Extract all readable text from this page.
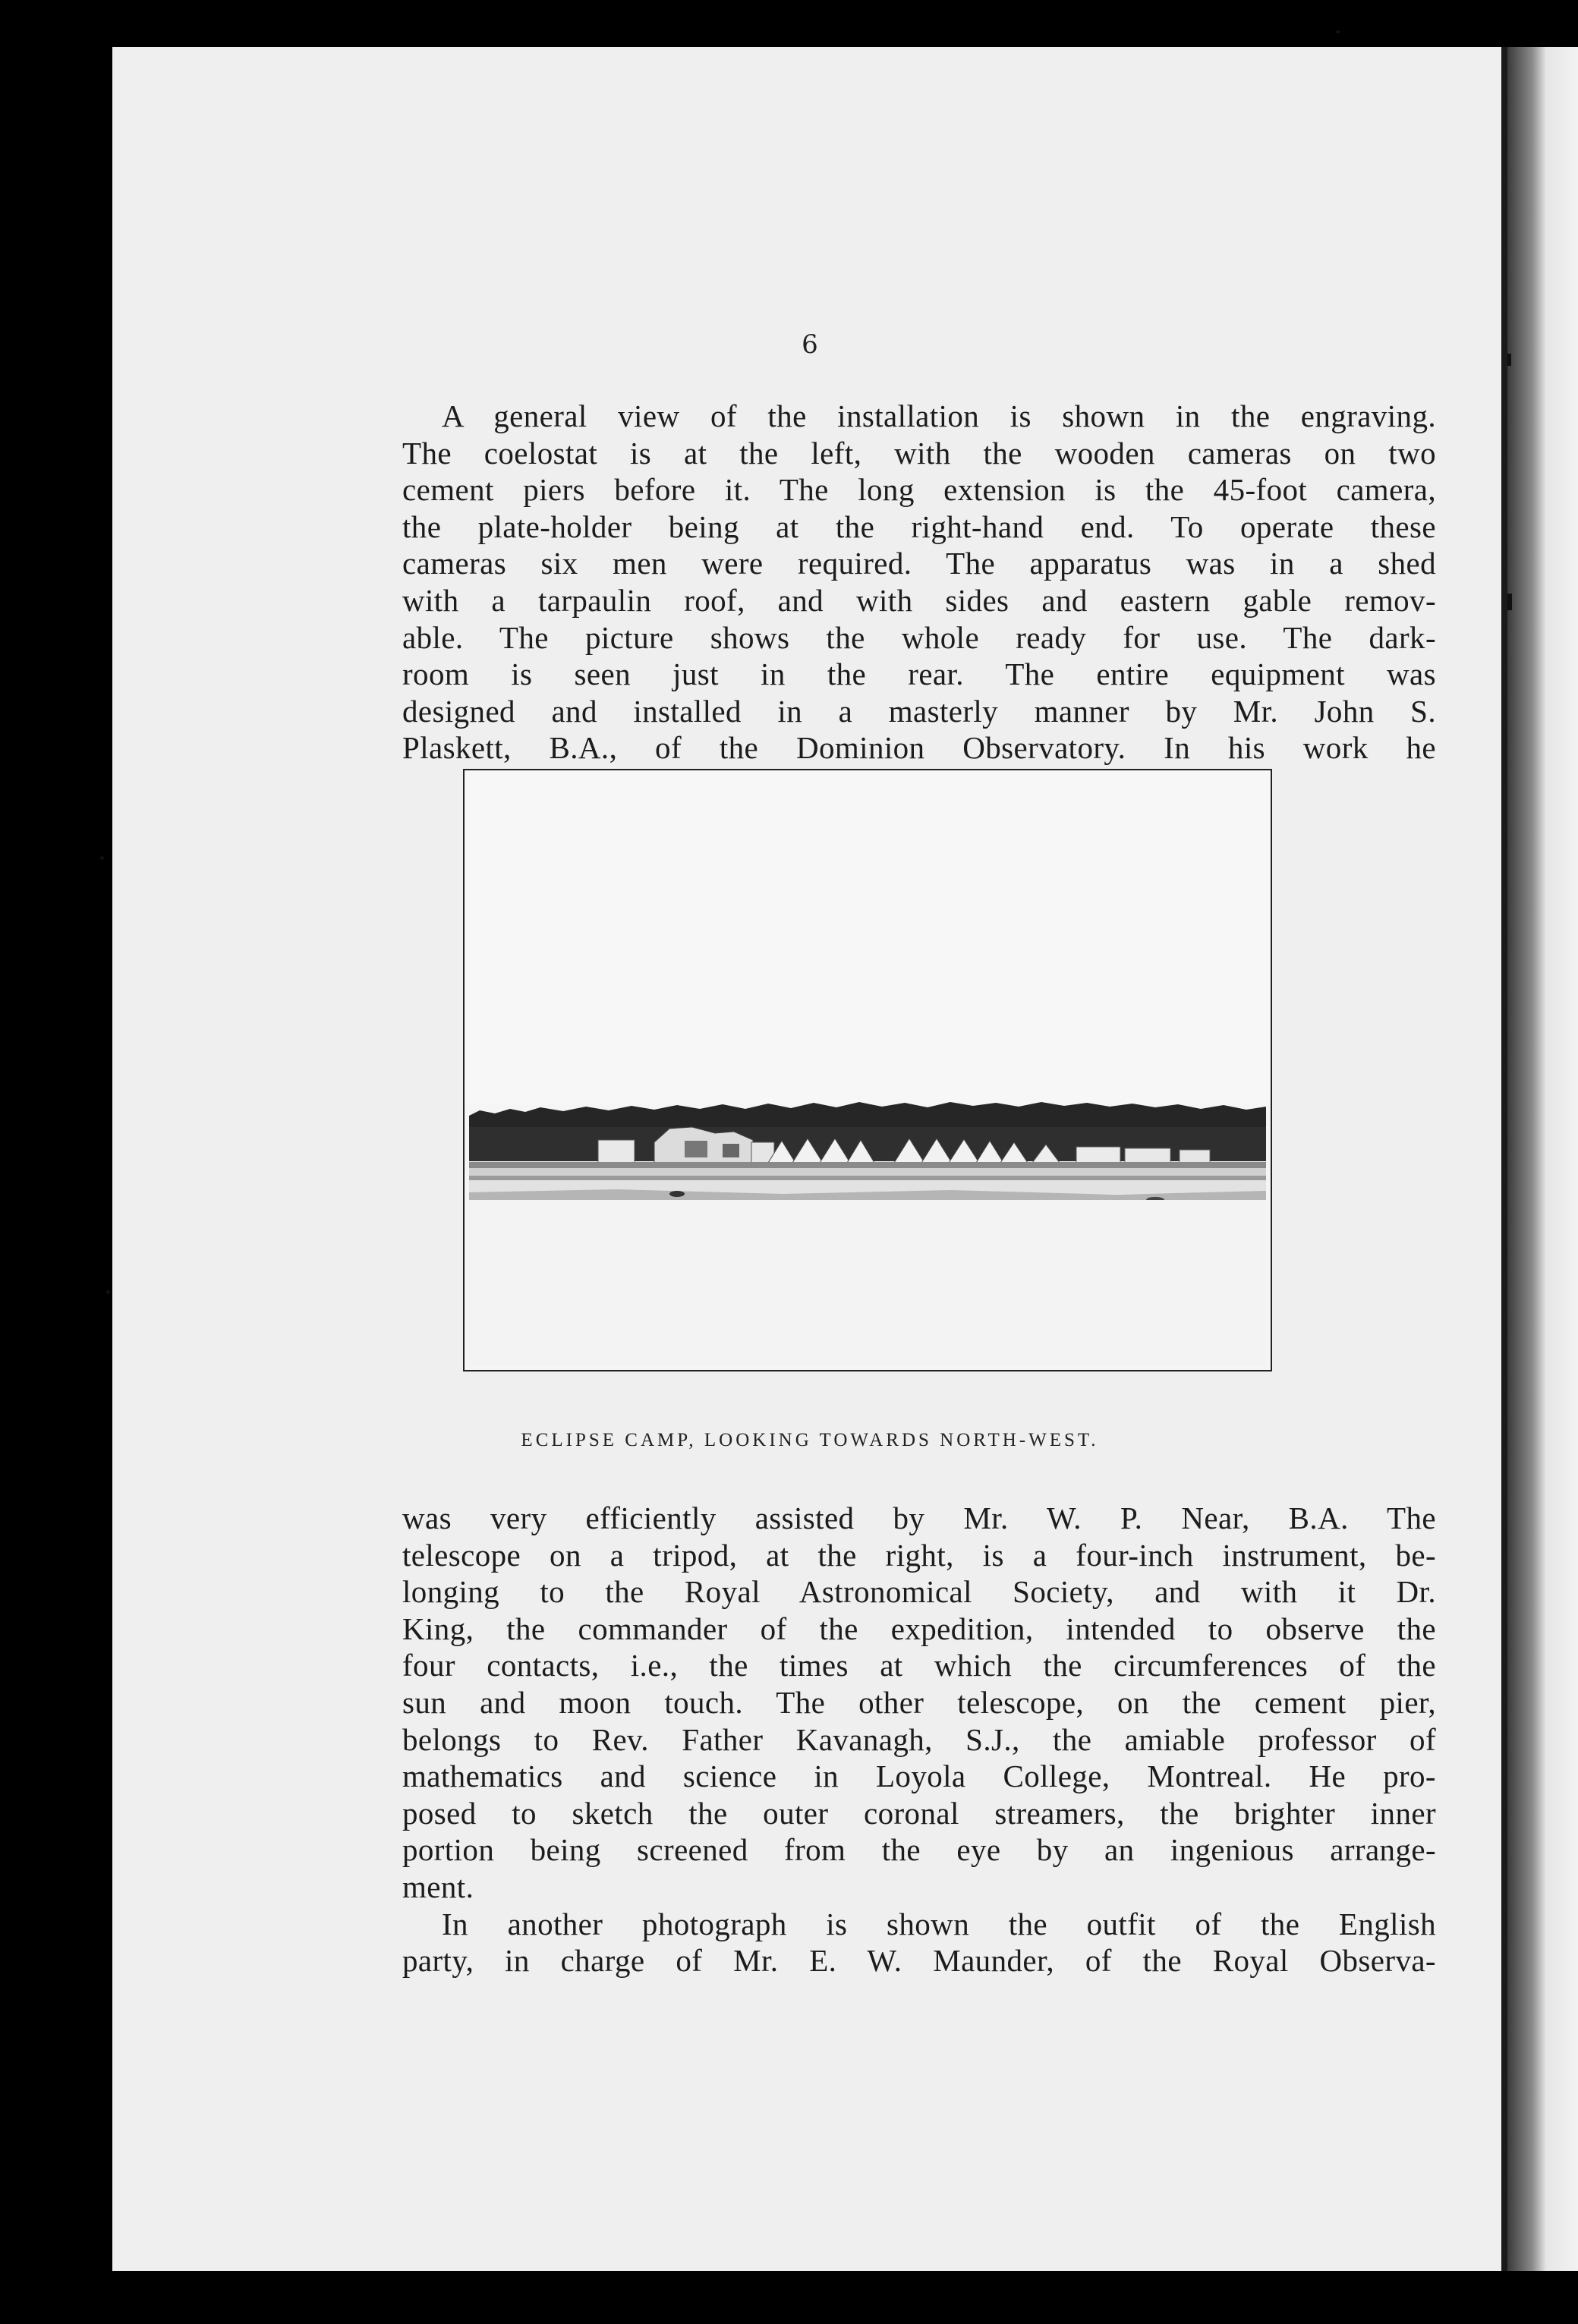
6
A general view of the installation is shown in the engraving.
The coelostat is at the left, with the wooden cameras on two
cement piers before it. The long extension is the 45-foot camera,
the plate-holder being at the right-hand end. To operate these
cameras six men were required. The apparatus was in a shed
with a tarpaulin roof, and with sides and eastern gable remov-
able. The picture shows the whole ready for use. The dark-
room is seen just in the rear. The entire equipment was
designed and installed in a masterly manner by Mr. John S.
Plaskett, B.A., of the Dominion Observatory. In his work he
ECLIPSE CAMP, LOOKING TOWARDS NORTH-WEST.
was very efficiently assisted by Mr. W. P. Near, B.A. The
telescope on a tripod, at the right, is a four-inch instrument, be-
longing to the Royal Astronomical Society, and with it Dr.
King, the commander of the expedition, intended to observe the
four contacts, i.e., the times at which the circumferences of the
sun and moon touch. The other telescope, on the cement pier,
belongs to Rev. Father Kavanagh, S.J., the amiable professor of
mathematics and science in Loyola College, Montreal. He pro-
posed to sketch the outer coronal streamers, the brighter inner
portion being screened from the eye by an ingenious arrange-
ment.
In another photograph is shown the outfit of the English
party, in charge of Mr. E. W. Maunder, of the Royal Observa-
